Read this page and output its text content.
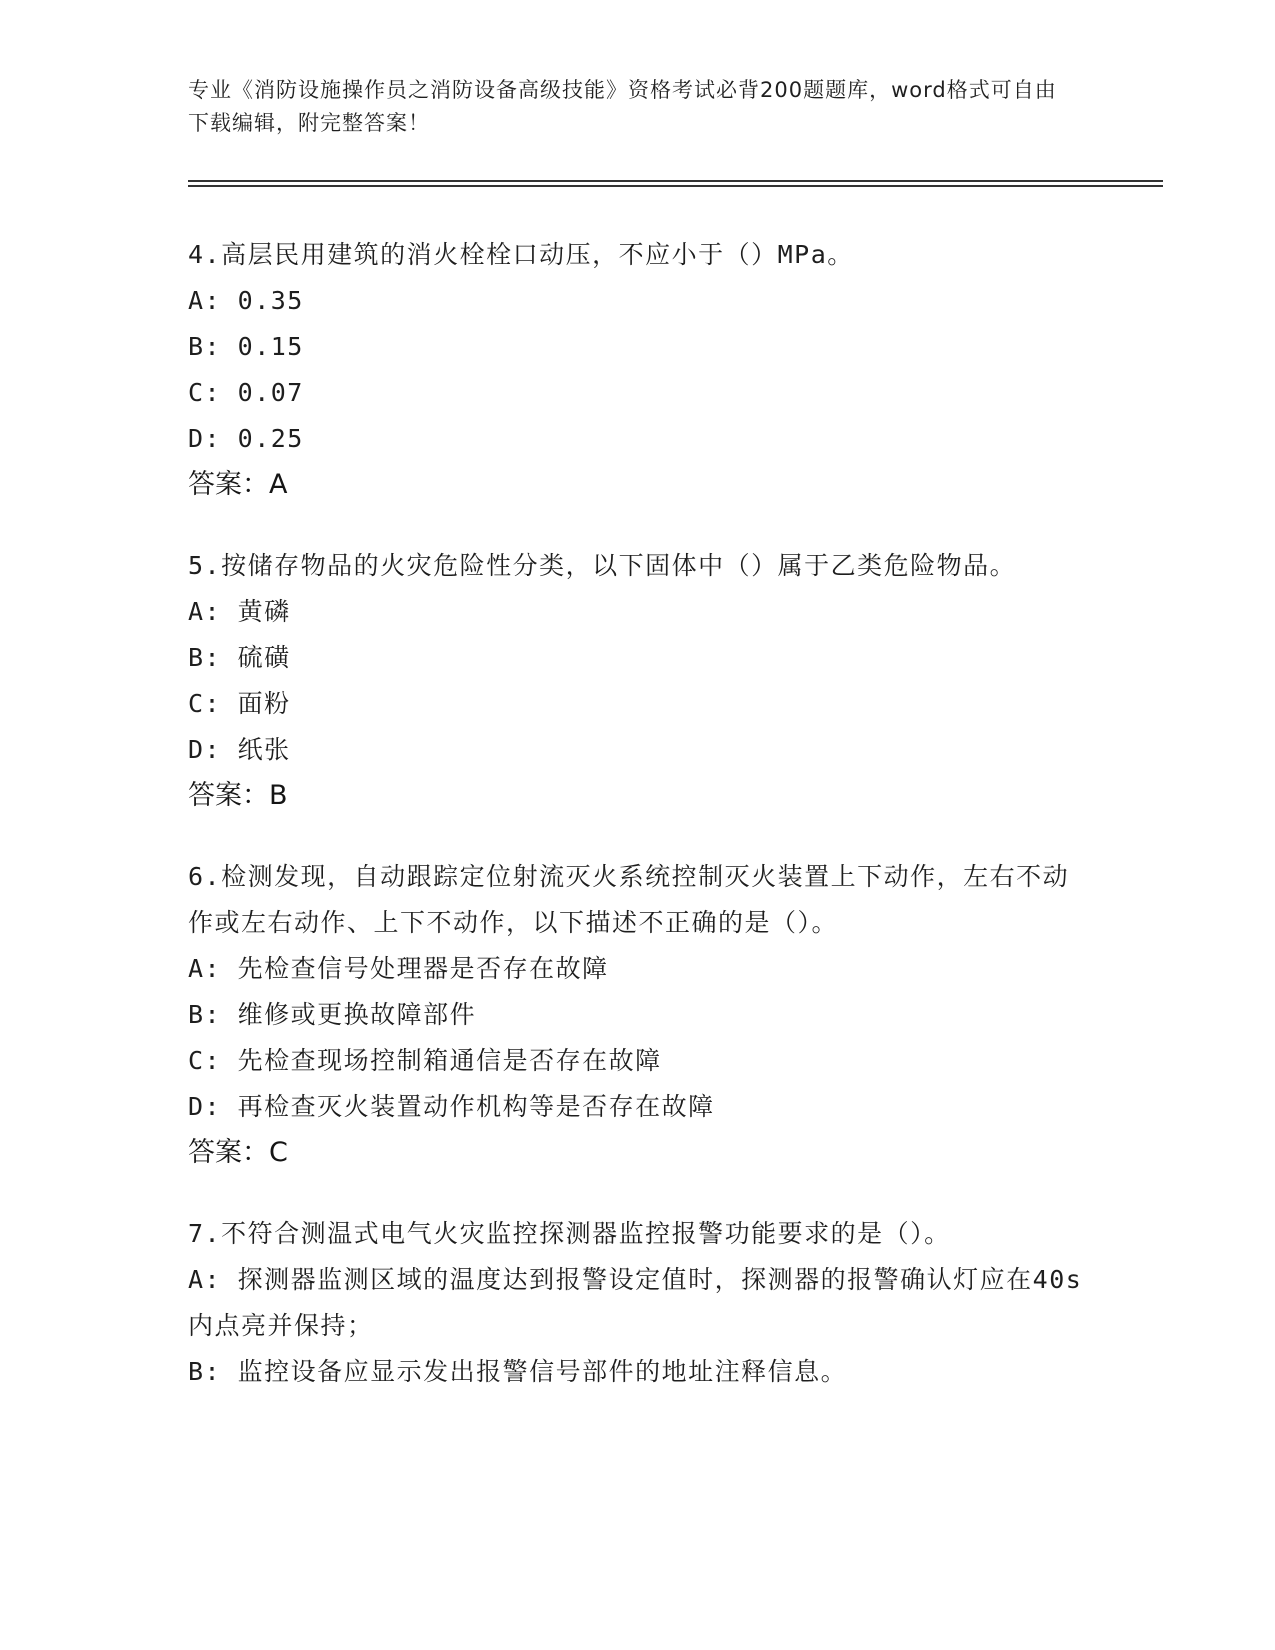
专业《消防设施操作员之消防设备高级技能》资格考试必背200题题库，word格式可自由下载编辑，附完整答案！
4.高层民用建筑的消火栓栓口动压，不应小于（）MPa。
A: 0.35
B: 0.15
C: 0.07
D: 0.25
答案：A
5.按储存物品的火灾危险性分类，以下固体中（）属于乙类危险物品。
A: 黄磷
B: 硫磺
C: 面粉
D: 纸张
答案：B
6.检测发现，自动跟踪定位射流灭火系统控制灭火装置上下动作，左右不动作或左右动作、上下不动作，以下描述不正确的是（）。
A: 先检查信号处理器是否存在故障
B: 维修或更换故障部件
C: 先检查现场控制箱通信是否存在故障
D: 再检查灭火装置动作机构等是否存在故障
答案：C
7.不符合测温式电气火灾监控探测器监控报警功能要求的是（）。
A: 探测器监测区域的温度达到报警设定值时，探测器的报警确认灯应在40s内点亮并保持；
B: 监控设备应显示发出报警信号部件的地址注释信息。
